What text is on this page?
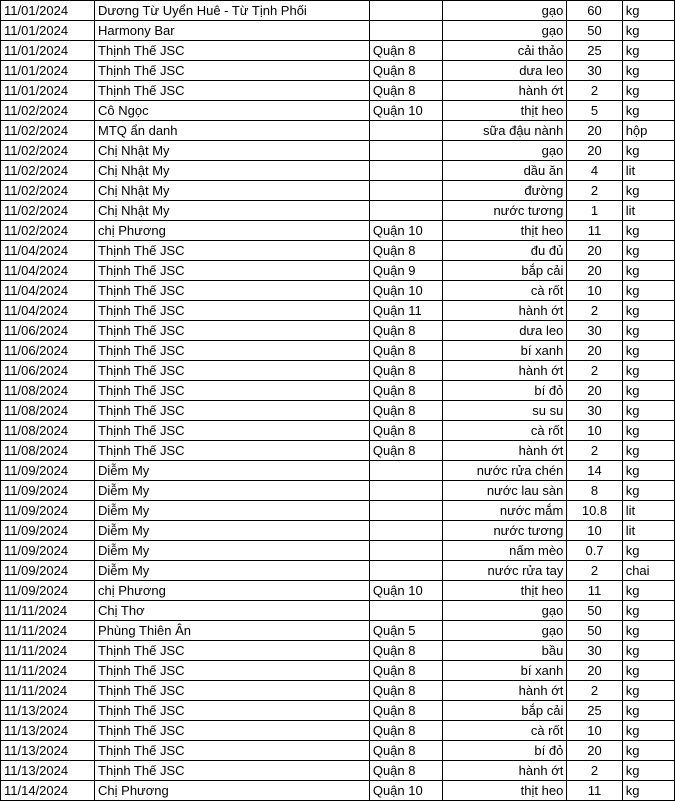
11/01/2024	Dương Từ Uyển Huê - Từ Tịnh Phối		gạo	60	kg
11/01/2024	Harmony Bar		gạo	50	kg
11/01/2024	Thịnh Thế JSC	Quận 8	cải thảo	25	kg
11/01/2024	Thịnh Thế JSC	Quận 8	dưa leo	30	kg
11/01/2024	Thịnh Thế JSC	Quận 8	hành ớt	2	kg
11/02/2024	Cô Ngọc	Quận 10	thịt heo	5	kg
11/02/2024	MTQ ẩn danh		sữa đậu nành	20	hộp
11/02/2024	Chị Nhật My		gạo	20	kg
11/02/2024	Chị Nhật My		dầu ăn	4	lit
11/02/2024	Chị Nhật My		đường	2	kg
11/02/2024	Chị Nhật My		nước tương	1	lit
11/02/2024	chị Phương	Quận 10	thịt heo	11	kg
11/04/2024	Thịnh Thế JSC	Quận 8	đu đủ	20	kg
11/04/2024	Thịnh Thế JSC	Quận 9	bắp cải	20	kg
11/04/2024	Thịnh Thế JSC	Quận 10	cà rốt	10	kg
11/04/2024	Thịnh Thế JSC	Quận 11	hành ớt	2	kg
11/06/2024	Thịnh Thế JSC	Quận 8	dưa leo	30	kg
11/06/2024	Thịnh Thế JSC	Quận 8	bí xanh	20	kg
11/06/2024	Thịnh Thế JSC	Quận 8	hành ớt	2	kg
11/08/2024	Thịnh Thế JSC	Quận 8	bí đỏ	20	kg
11/08/2024	Thịnh Thế JSC	Quận 8	su su	30	kg
11/08/2024	Thịnh Thế JSC	Quận 8	cà rốt	10	kg
11/08/2024	Thịnh Thế JSC	Quận 8	hành ớt	2	kg
11/09/2024	Diễm My		nước rửa chén	14	kg
11/09/2024	Diễm My		nước lau sàn	8	kg
11/09/2024	Diễm My		nước mắm	10.8	lit
11/09/2024	Diễm My		nước tương	10	lit
11/09/2024	Diễm My		nấm mèo	0.7	kg
11/09/2024	Diễm My		nước rửa tay	2	chai
11/09/2024	chị Phương	Quận 10	thịt heo	11	kg
11/11/2024	Chị Thơ		gạo	50	kg
11/11/2024	Phùng Thiên Ân	Quận 5	gạo	50	kg
11/11/2024	Thịnh Thế JSC	Quận 8	bầu	30	kg
11/11/2024	Thịnh Thế JSC	Quận 8	bí xanh	20	kg
11/11/2024	Thịnh Thế JSC	Quận 8	hành ớt	2	kg
11/13/2024	Thịnh Thế JSC	Quận 8	bắp cải	25	kg
11/13/2024	Thịnh Thế JSC	Quận 8	cà rốt	10	kg
11/13/2024	Thịnh Thế JSC	Quận 8	bí đỏ	20	kg
11/13/2024	Thịnh Thế JSC	Quận 8	hành ớt	2	kg
11/14/2024	Chị Phương	Quận 10	thịt heo	11	kg
